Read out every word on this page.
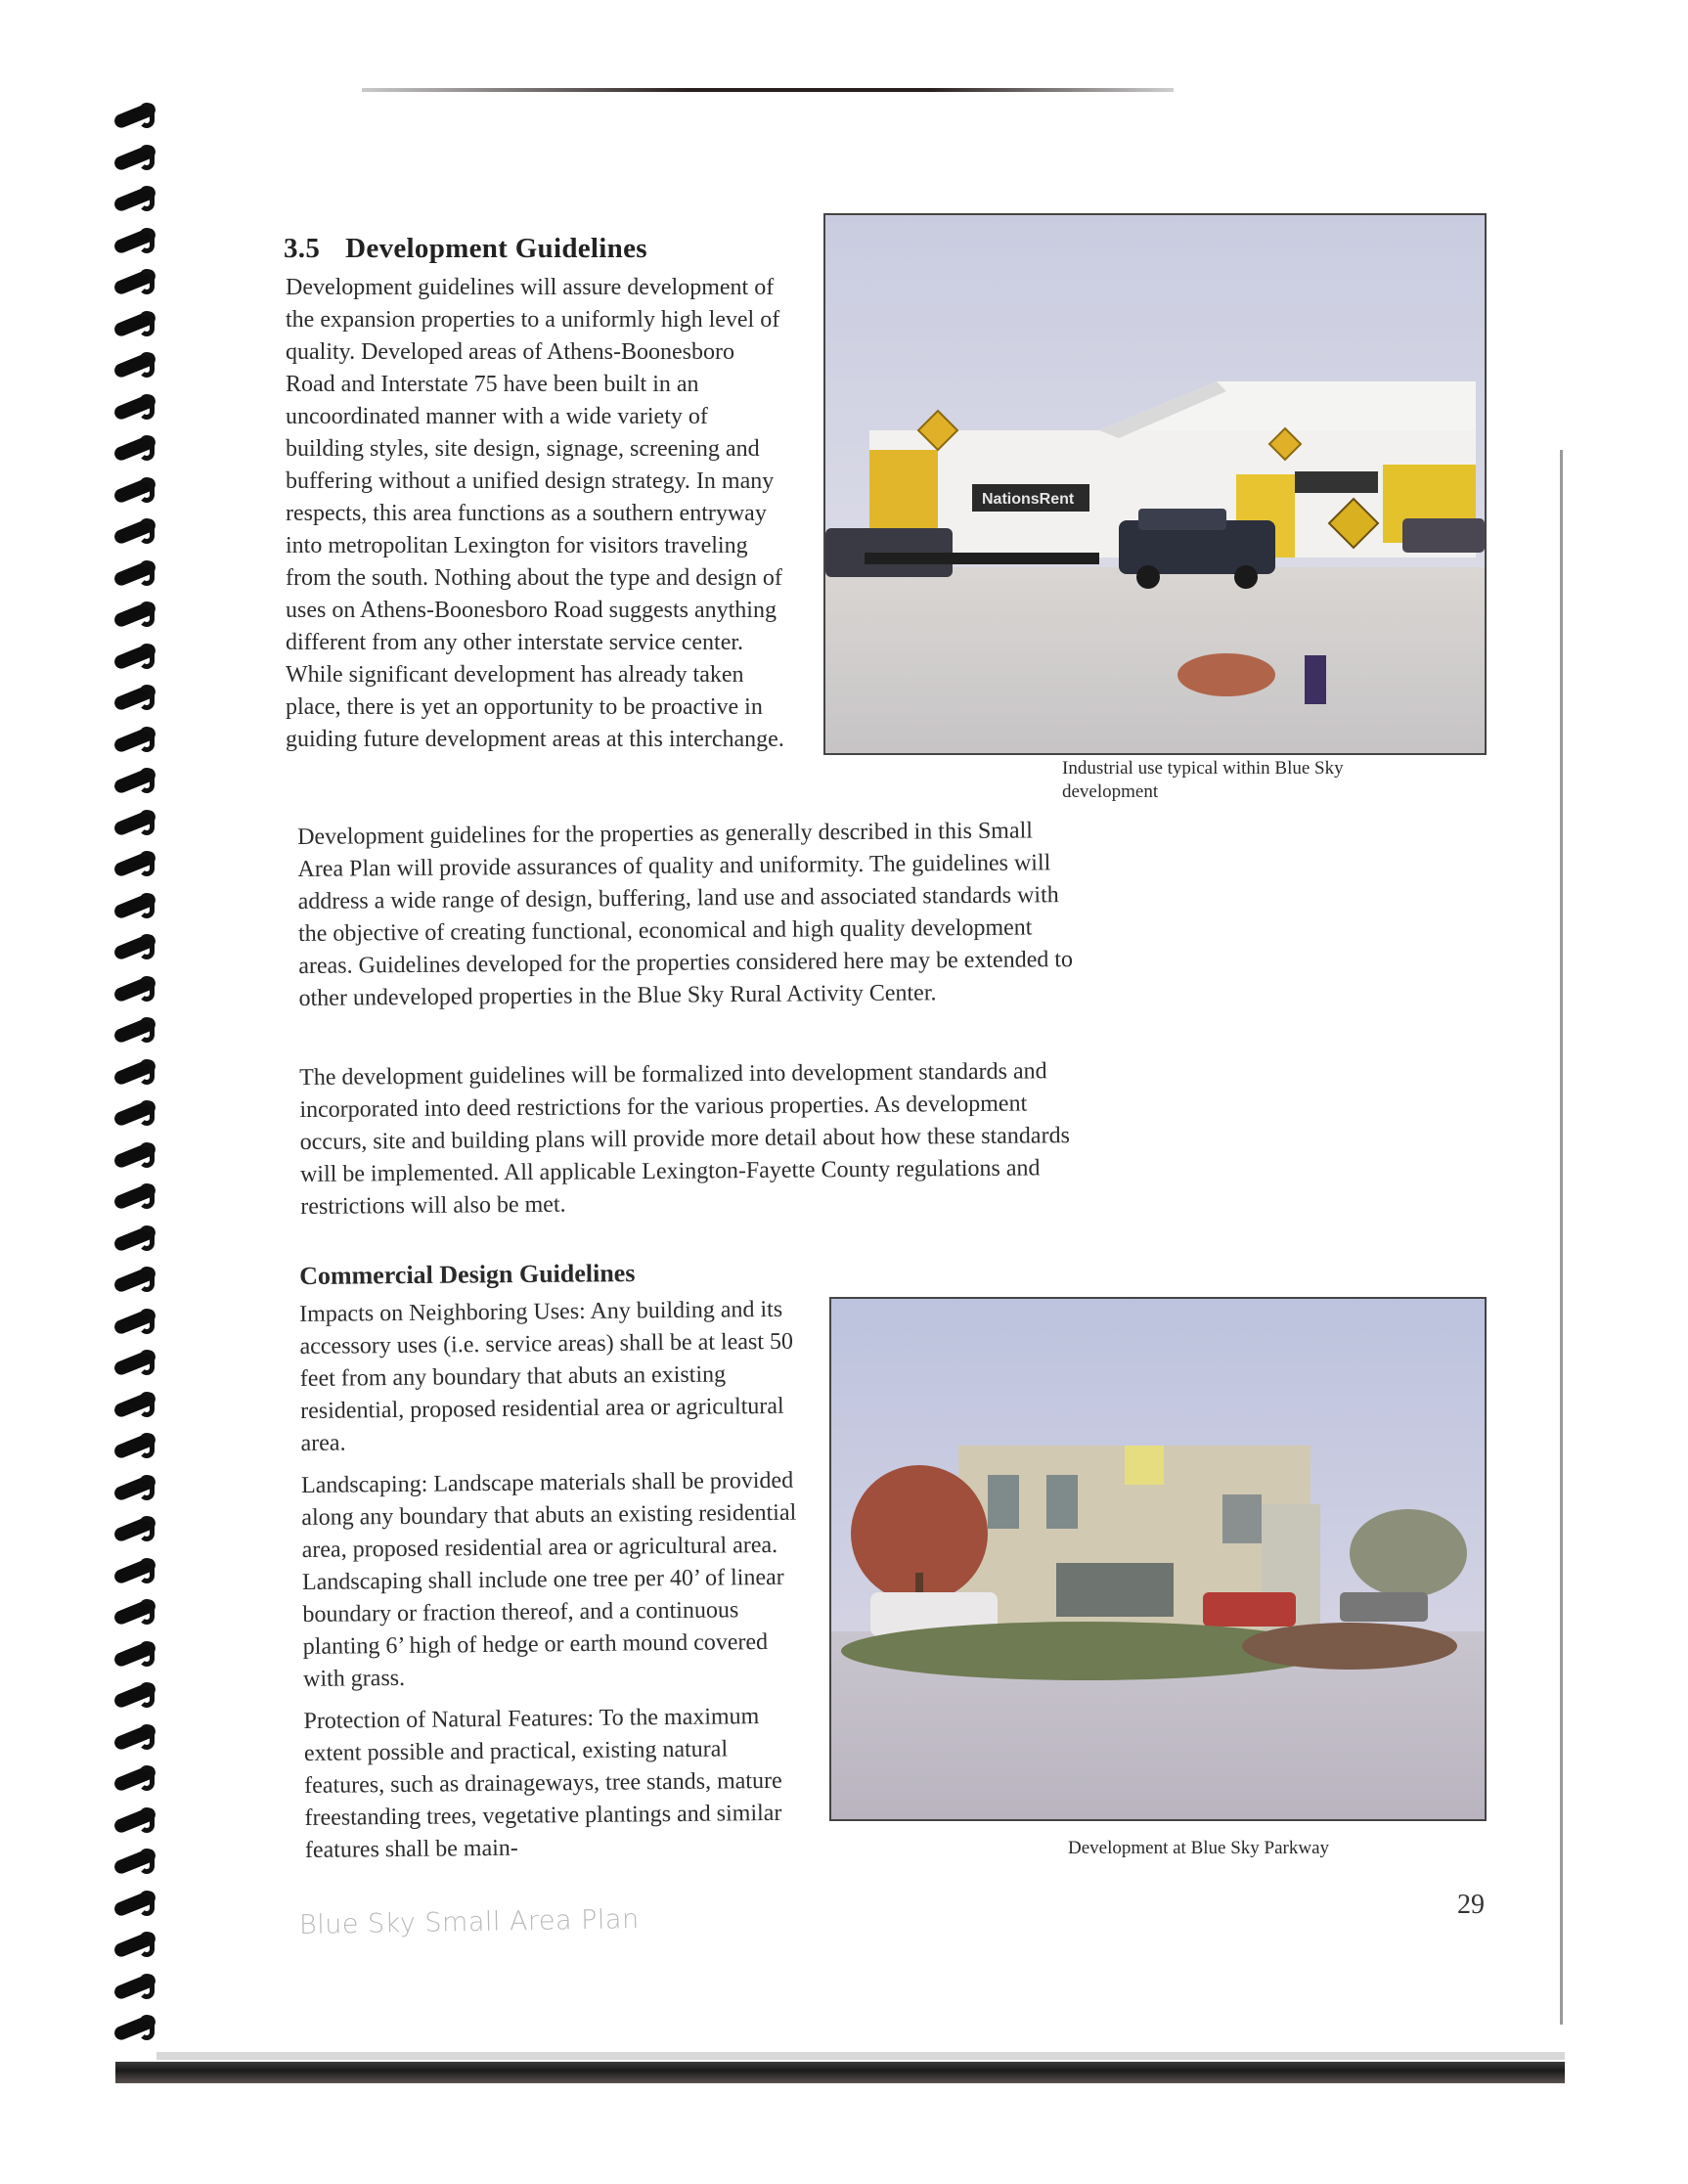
3.5 Development Guidelines

Development guidelines will assure development of the expansion properties to a uniformly high level of quality. Developed areas of Athens-Boonesboro Road and Interstate 75 have been built in an uncoordinated manner with a wide variety of building styles, site design, signage, screening and buffering without a unified design strategy. In many respects, this area functions as a southern entryway into metropolitan Lexington for visitors traveling from the south. Nothing about the type and design of uses on Athens-Boonesboro Road suggests anything different from any other interstate service center. While significant development has already taken place, there is yet an opportunity to be proactive in guiding future development areas at this interchange.

Development guidelines for the properties as generally described in this Small Area Plan will provide assurances of quality and uniformity. The guidelines will address a wide range of design, buffering, land use and associated standards with the objective of creating functional, economical and high quality development areas. Guidelines developed for the properties considered here may be extended to other undeveloped properties in the Blue Sky Rural Activity Center.

The development guidelines will be formalized into development standards and incorporated into deed restrictions for the various properties. As development occurs, site and building plans will provide more detail about how these standards will be implemented. All applicable Lexington-Fayette County regulations and restrictions will also be met.

Commercial Design Guidelines

Impacts on Neighboring Uses: Any building and its accessory uses (i.e. service areas) shall be at least 50 feet from any boundary that abuts an existing residential, proposed residential area or agricultural area.

Landscaping: Landscape materials shall be provided along any boundary that abuts an existing residential area, proposed residential area or agricultural area. Landscaping shall include one tree per 40’ of linear boundary or fraction thereof, and a continuous planting 6’ high of hedge or earth mound covered with grass.

Protection of Natural Features: To the maximum extent possible and practical, existing natural features, such as drainageways, tree stands, mature freestanding trees, vegetative plantings and similar features shall be main-

NationsRent
Industrial use typical within Blue Sky development
Development at Blue Sky Parkway
Blue Sky Small Area Plan	29
